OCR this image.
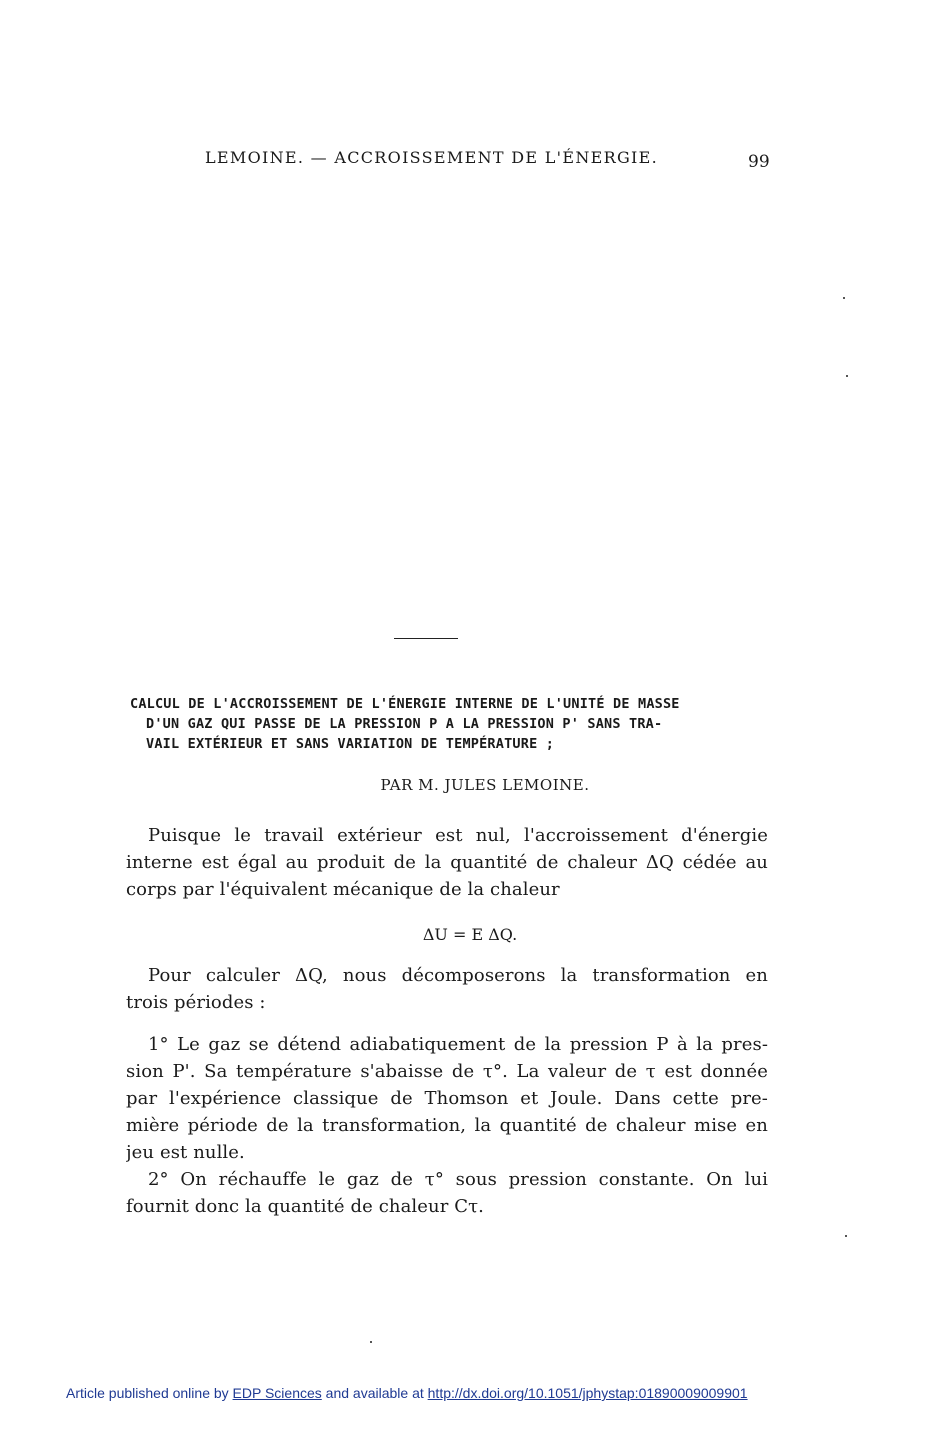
LEMOINE. — ACCROISSEMENT DE L'ÉNERGIE.	99
CALCUL DE L'ACCROISSEMENT DE L'ÉNERGIE INTERNE DE L'UNITÉ DE MASSE
D'UN GAZ QUI PASSE DE LA PRESSION P A LA PRESSION P' SANS TRA-
VAIL EXTÉRIEUR ET SANS VARIATION DE TEMPÉRATURE ;
PAR M. JULES LEMOINE.
Puisque le travail extérieur est nul, l'accroissement d'énergie
interne est égal au produit de la quantité de chaleur ΔQ cédée au
corps par l'équivalent mécanique de la chaleur
ΔU = E ΔQ.
Pour calculer ΔQ, nous décomposerons la transformation en
trois périodes :
1° Le gaz se détend adiabatiquement de la pression P à la pres-
sion P'. Sa température s'abaisse de τ°. La valeur de τ est donnée
par l'expérience classique de Thomson et Joule. Dans cette pre-
mière période de la transformation, la quantité de chaleur mise en
jeu est nulle.
2° On réchauffe le gaz de τ° sous pression constante. On lui
fournit donc la quantité de chaleur Cτ.
Article published online by EDP Sciences and available at http://dx.doi.org/10.1051/jphystap:01890009009901
